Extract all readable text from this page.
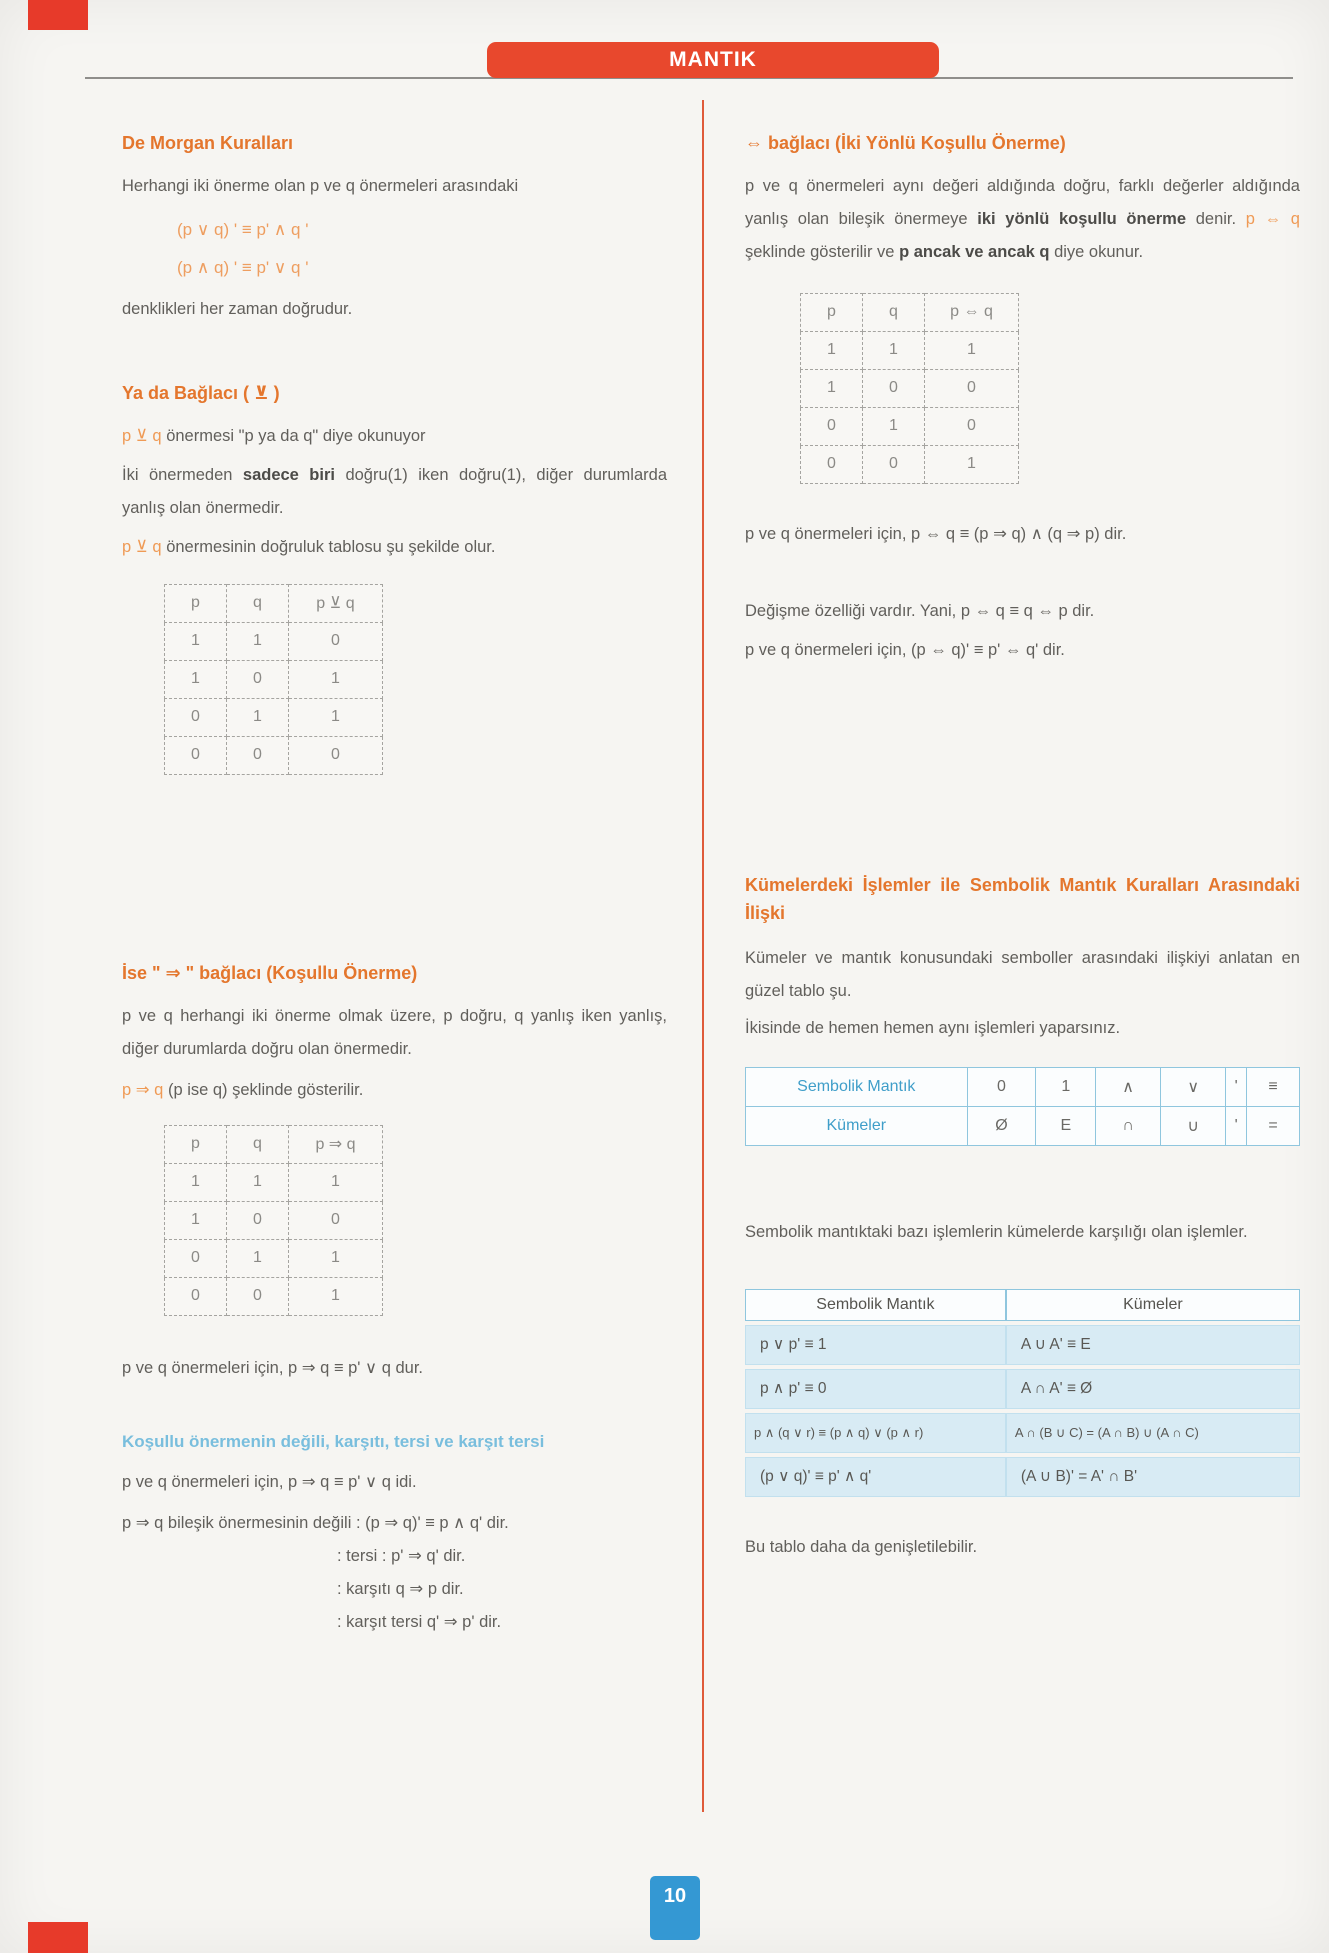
MANTIK
De Morgan Kuralları

Herhangi iki önerme olan p ve q önermeleri arasındaki

(p ∨ q) ' ≡ p' ∧ q '
(p ∧ q) ' ≡ p' ∨ q '

denklikleri her zaman doğrudur.

Ya da Bağlacı ( ⊻ )

p ⊻ q önermesi "p ya da q" diye okunuyor

İki önermeden sadece biri doğru(1) iken doğru(1), diğer durumlarda yanlış olan önermedir.

p ⊻ q önermesinin doğruluk tablosu şu şekilde olur.

p	q	p ⊻ q
1	1	0
1	0	1
0	1	1
0	0	0
İse " ⇒ " bağlacı (Koşullu Önerme)

p ve q herhangi iki önerme olmak üzere, p doğru, q yanlış iken yanlış, diğer durumlarda doğru olan önermedir.

p ⇒ q (p ise q) şeklinde gösterilir.

p	q	p ⇒ q
1	1	1
1	0	0
0	1	1
0	0	1

p ve q önermeleri için, p ⇒ q ≡ p' ∨ q dur.

Koşullu önermenin değili, karşıtı, tersi ve karşıt tersi

p ve q önermeleri için, p ⇒ q ≡ p' ∨ q idi.

p ⇒ q bileşik önermesinin değili : (p ⇒ q)' ≡ p ∧ q' dir.

: tersi : p' ⇒ q' dir.

: karşıtı q ⇒ p dir.

: karşıt tersi q' ⇒ p' dir.

⇔ bağlacı (İki Yönlü Koşullu Önerme)

p ve q önermeleri aynı değeri aldığında doğru, farklı değerler aldığında yanlış olan bileşik önermeye iki yönlü koşullu önerme denir. p ⇔ q şeklinde gösterilir ve p ancak ve ancak q diye okunur.

p	q	p ⇔ q
1	1	1
1	0	0
0	1	0
0	0	1

p ve q önermeleri için, p ⇔ q ≡ (p ⇒ q) ∧ (q ⇒ p) dir.

Değişme özelliği vardır. Yani, p ⇔ q ≡ q ⇔ p dir.

p ve q önermeleri için, (p ⇔ q)' ≡ p' ⇔ q' dir.

Kümelerdeki İşlemler ile Sembolik Mantık Kuralları Arasındaki İlişki

Kümeler ve mantık konusundaki semboller arasındaki ilişkiyi anlatan en güzel tablo şu.

İkisinde de hemen hemen aynı işlemleri yaparsınız.

Sembolik Mantık	0	1	∧	∨	'	≡
Kümeler	Ø	E	∩	∪	'	=

Sembolik mantıktaki bazı işlemlerin kümelerde karşılığı olan işlemler.

Sembolik Mantık	Kümeler
p ∨ p' ≡ 1	A ∪ A' ≡ E
p ∧ p' ≡ 0	A ∩ A' ≡ Ø
p ∧ (q ∨ r) ≡ (p ∧ q) ∨ (p ∧ r)	A ∩ (B ∪ C) = (A ∩ B) ∪ (A ∩ C)
(p ∨ q)' ≡ p' ∧ q'	(A ∪ B)' = A' ∩ B'

Bu tablo daha da genişletilebilir.

10
